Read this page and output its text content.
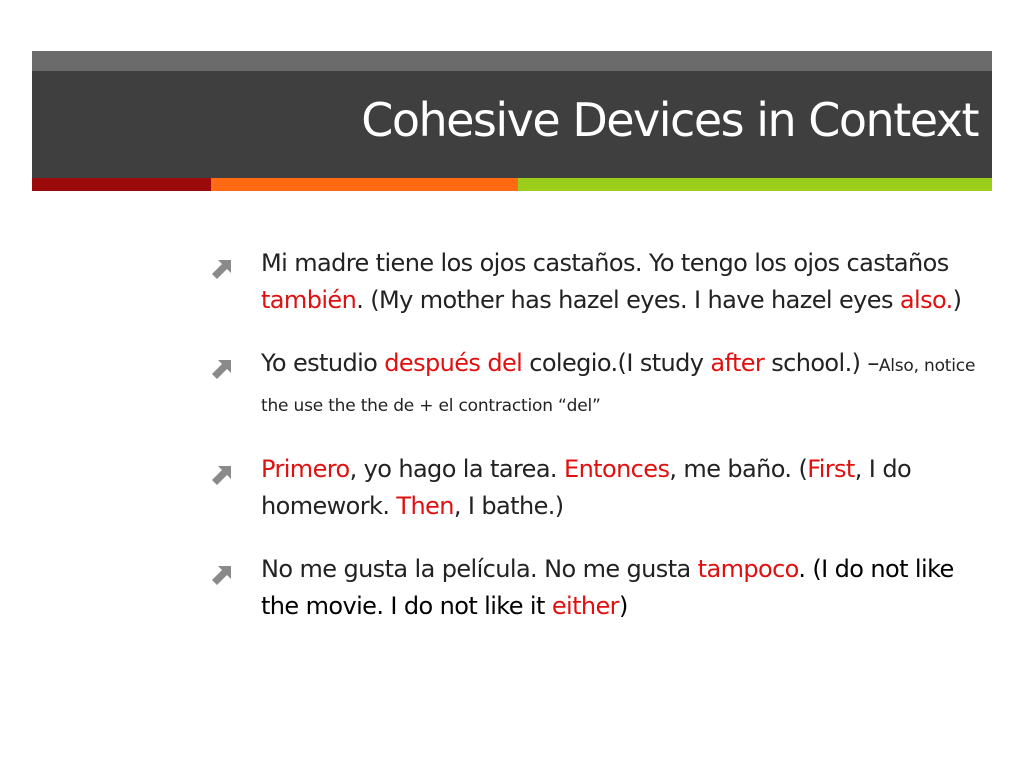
Cohesive Devices in Context
Mi madre tiene los ojos castaños. Yo tengo los ojos castaños también. (My mother has hazel eyes. I have hazel eyes also.)
Yo estudio después del colegio.(I study after school.) –Also, notice the use the the de + el contraction “del”
Primero, yo hago la tarea. Entonces, me baño. (First, I do homework. Then, I bathe.)
No me gusta la película. No me gusta tampoco. (I do not like the movie. I do not like it either)
